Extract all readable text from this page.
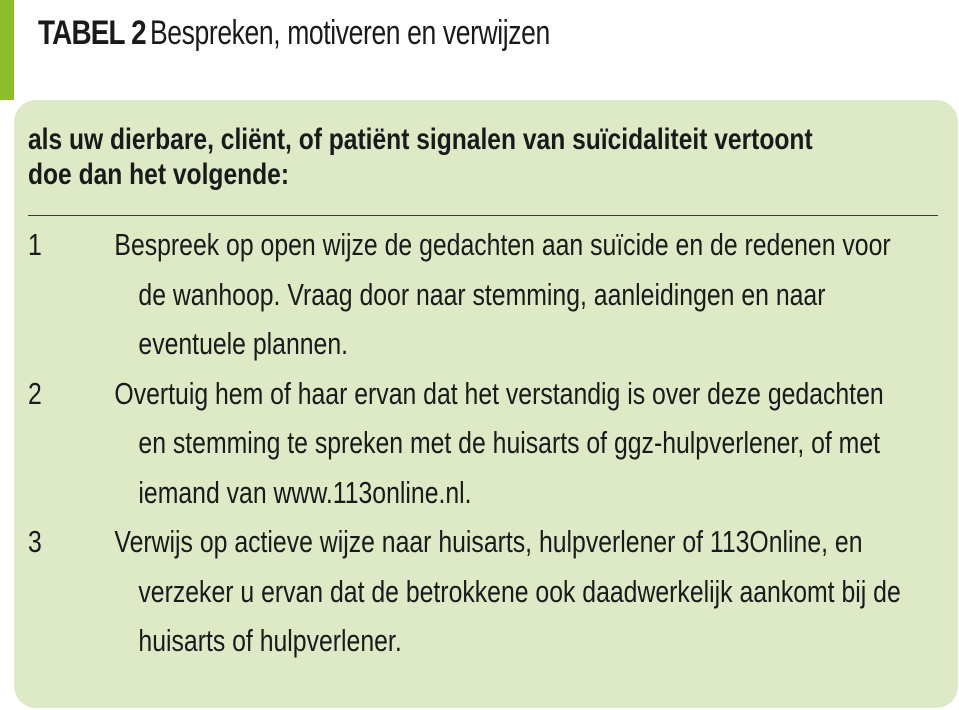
TABEL 2 Bespreken, motiveren en verwijzen
als uw dierbare, cliënt, of patiënt signalen van suïcidaliteit vertoont
doe dan het volgende:
1 Bespreek op open wijze de gedachten aan suïcide en de redenen voor
de wanhoop. Vraag door naar stemming, aanleidingen en naar
eventuele plannen.
2 Overtuig hem of haar ervan dat het verstandig is over deze gedachten
en stemming te spreken met de huisarts of ggz-hulpverlener, of met
iemand van www.113online.nl.
3 Verwijs op actieve wijze naar huisarts, hulpverlener of 113Online, en
verzeker u ervan dat de betrokkene ook daadwerkelijk aankomt bij de
huisarts of hulpverlener.
